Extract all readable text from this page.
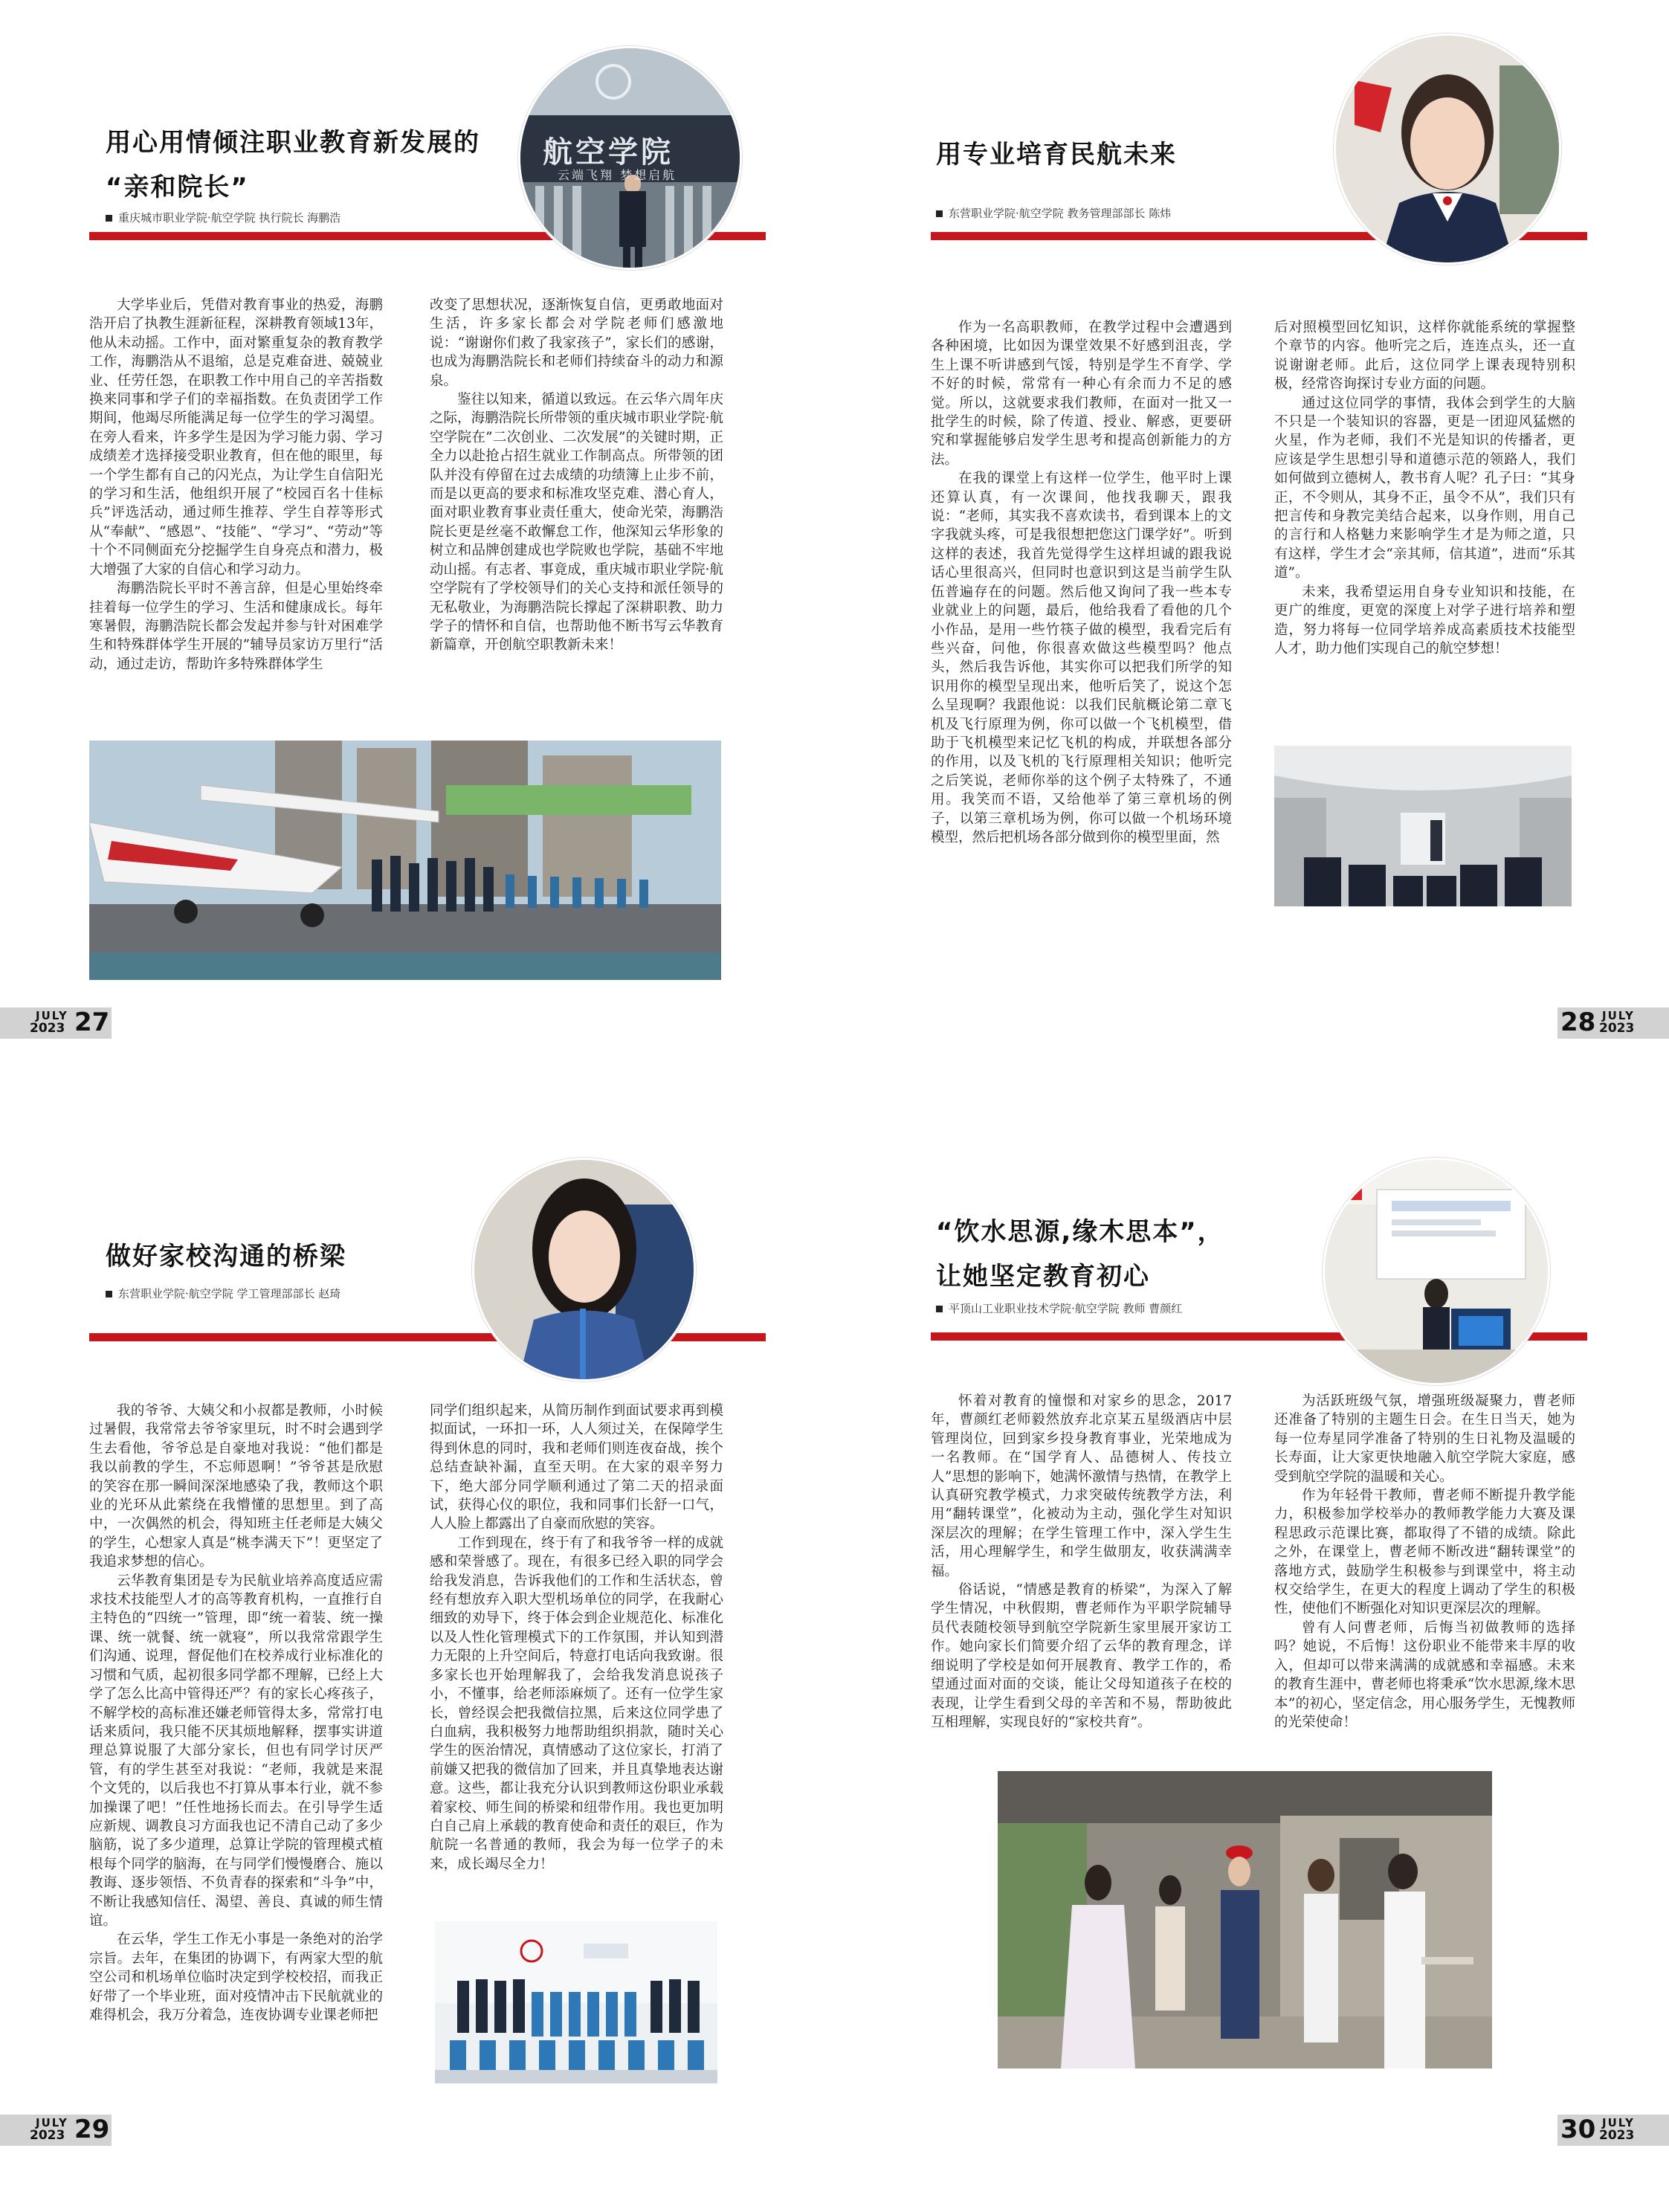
用心用情倾注职业教育新发展的
“亲和院长”
重庆城市职业学院·航空学院 执行院长 海鹏浩
航空学院
云端飞翔 梦想启航

大学毕业后，凭借对教育事业的热爱，海鹏浩开启了执教生涯新征程，深耕教育领域13年，他从未动摇。工作中，面对繁重复杂的教育教学工作，海鹏浩从不退缩，总是克难奋进、兢兢业业、任劳任怨，在职教工作中用自己的辛苦指数换来同事和学子们的幸福指数。在负责团学工作期间，他竭尽所能满足每一位学生的学习渴望。在旁人看来，许多学生是因为学习能力弱、学习成绩差才选择接受职业教育，但在他的眼里，每一个学生都有自己的闪光点，为让学生自信阳光的学习和生活，他组织开展了“校园百名十佳标兵”评选活动，通过师生推荐、学生自荐等形式从“奉献”、“感恩”、“技能”、“学习”、“劳动”等十个不同侧面充分挖掘学生自身亮点和潜力，极大增强了大家的自信心和学习动力。

海鹏浩院长平时不善言辞，但是心里始终牵挂着每一位学生的学习、生活和健康成长。每年寒暑假，海鹏浩院长都会发起并参与针对困难学生和特殊群体学生开展的”辅导员家访万里行“活动，通过走访，帮助许多特殊群体学生

改变了思想状况，逐渐恢复自信，更勇敢地面对生活，许多家长都会对学院老师们感激地说：“谢谢你们救了我家孩子”，家长们的感谢，也成为海鹏浩院长和老师们持续奋斗的动力和源泉。

鉴往以知来，循道以致远。在云华六周年庆之际，海鹏浩院长所带领的重庆城市职业学院·航空学院在”二次创业、二次发展”的关键时期，正全力以赴抢占招生就业工作制高点。所带领的团队并没有停留在过去成绩的功绩簿上止步不前，而是以更高的要求和标准攻坚克难、潜心育人，面对职业教育事业责任重大，使命光荣，海鹏浩院长更是丝毫不敢懈怠工作，他深知云华形象的树立和品牌创建成也学院败也学院，基础不牢地动山摇。有志者、事竟成，重庆城市职业学院·航空学院有了学校领导们的关心支持和派任领导的无私敬业，为海鹏浩院长撑起了深耕职教、助力学子的情怀和自信，也帮助他不断书写云华教育新篇章，开创航空职教新未来！

JULY
2023 27
用专业培育民航未来
东营职业学院·航空学院 教务管理部部长 陈炜

作为一名高职教师，在教学过程中会遭遇到各种困境，比如因为课堂效果不好感到沮丧，学生上课不听讲感到气馁，特别是学生不育学、学不好的时候，常常有一种心有余而力不足的感觉。所以，这就要求我们教师，在面对一批又一批学生的时候，除了传道、授业、解惑，更要研究和掌握能够启发学生思考和提高创新能力的方法。

在我的课堂上有这样一位学生，他平时上课还算认真，有一次课间，他找我聊天，跟我说：“老师，其实我不喜欢读书，看到课本上的文字我就头疼，可是我很想把您这门课学好”。听到这样的表述，我首先觉得学生这样坦诚的跟我说话心里很高兴，但同时也意识到这是当前学生队伍普遍存在的问题。然后他又询问了我一些本专业就业上的问题，最后，他给我看了看他的几个小作品，是用一些竹筷子做的模型，我看完后有些兴奋，问他，你很喜欢做这些模型吗？他点头，然后我告诉他，其实你可以把我们所学的知识用你的模型呈现出来，他听后笑了，说这个怎么呈现啊？我跟他说：以我们民航概论第二章飞机及飞行原理为例，你可以做一个飞机模型，借助于飞机模型来记忆飞机的构成，并联想各部分的作用，以及飞机的飞行原理相关知识；他听完之后笑说，老师你举的这个例子太特殊了，不通用。我笑而不语，又给他举了第三章机场的例子，以第三章机场为例，你可以做一个机场环境模型，然后把机场各部分做到你的模型里面，然

后对照模型回忆知识，这样你就能系统的掌握整个章节的内容。他听完之后，连连点头，还一直说谢谢老师。此后，这位同学上课表现特别积极，经常咨询探讨专业方面的问题。

通过这位同学的事情，我体会到学生的大脑不只是一个装知识的容器，更是一团迎风猛燃的火星，作为老师，我们不光是知识的传播者，更应该是学生思想引导和道德示范的领路人，我们如何做到立德树人，教书育人呢？孔子曰：“其身正，不令则从，其身不正，虽令不从”，我们只有把言传和身教完美结合起来，以身作则，用自己的言行和人格魅力来影响学生才是为师之道，只有这样，学生才会“亲其师，信其道”，进而“乐其道”。

未来，我希望运用自身专业知识和技能，在更广的维度，更宽的深度上对学子进行培养和塑造，努力将每一位同学培养成高素质技术技能型人才，助力他们实现自己的航空梦想！

28 JULY
2023
做好家校沟通的桥梁
东营职业学院·航空学院 学工管理部部长 赵琦

我的爷爷、大姨父和小叔都是教师，小时候过暑假，我常常去爷爷家里玩，时不时会遇到学生去看他，爷爷总是自豪地对我说：“他们都是我以前教的学生，不忘师恩啊！”爷爷甚是欣慰的笑容在那一瞬间深深地感染了我，教师这个职业的光环从此萦绕在我懵懂的思想里。到了高中，一次偶然的机会，得知班主任老师是大姨父的学生，心想家人真是“桃李满天下”！更坚定了我追求梦想的信心。

云华教育集团是专为民航业培养高度适应需求技术技能型人才的高等教育机构，一直推行自主特色的“四统一”管理，即“统一着装、统一操课、统一就餐、统一就寝”，所以我常常跟学生们沟通、说理，督促他们在校养成行业标准化的习惯和气质，起初很多同学都不理解，已经上大学了怎么比高中管得还严？有的家长心疼孩子，不解学校的高标准还嫌老师管得太多，常常打电话来质问，我只能不厌其烦地解释，摆事实讲道理总算说服了大部分家长，但也有同学讨厌严管，有的学生甚至对我说：“老师，我就是来混个文凭的，以后我也不打算从事本行业，就不参加操课了吧！”任性地扬长而去。在引导学生适应新规、调教良习方面我也记不清自己动了多少脑筋，说了多少道理，总算让学院的管理模式植根每个同学的脑海，在与同学们慢慢磨合、施以教诲、逐步领悟、不负青春的探索和“斗争”中，不断让我感知信任、渴望、善良、真诚的师生情谊。

在云华，学生工作无小事是一条绝对的治学宗旨。去年，在集团的协调下，有两家大型的航空公司和机场单位临时决定到学校校招，而我正好带了一个毕业班，面对疫情冲击下民航就业的难得机会，我万分着急，连夜协调专业课老师把

同学们组织起来，从简历制作到面试要求再到模拟面试，一环扣一环，人人须过关，在保障学生得到休息的同时，我和老师们则连夜奋战，挨个总结查缺补漏，直至天明。在大家的艰辛努力下，绝大部分同学顺利通过了第二天的招录面试，获得心仪的职位，我和同事们长舒一口气，人人脸上都露出了自豪而欣慰的笑容。

工作到现在，终于有了和我爷爷一样的成就感和荣誉感了。现在，有很多已经入职的同学会给我发消息，告诉我他们的工作和生活状态，曾经有想放弃入职大型机场单位的同学，在我耐心细致的劝导下，终于体会到企业规范化、标准化以及人性化管理模式下的工作氛围，并认知到潜力无限的上升空间后，特意打电话向我致谢。很多家长也开始理解我了，会给我发消息说孩子小，不懂事，给老师添麻烦了。还有一位学生家长，曾经误会把我微信拉黑，后来这位同学患了白血病，我积极努力地帮助组织捐款，随时关心学生的医治情况，真情感动了这位家长，打消了前嫌又把我的微信加了回来，并且真挚地表达谢意。这些，都让我充分认识到教师这份职业承载着家校、师生间的桥梁和纽带作用。我也更加明白自己肩上承载的教育使命和责任的艰巨，作为航院一名普通的教师，我会为每一位学子的未来，成长竭尽全力！

JULY
2023 29
“饮水思源,缘木思本”，
让她坚定教育初心
平顶山工业职业技术学院·航空学院 教师 曹颜红

怀着对教育的憧憬和对家乡的思念，2017年，曹颜红老师毅然放弃北京某五星级酒店中层管理岗位，回到家乡投身教育事业，光荣地成为一名教师。在“国学育人、品德树人、传技立人”思想的影响下，她满怀激情与热情，在教学上认真研究教学模式，力求突破传统教学方法，利用“翻转课堂”，化被动为主动，强化学生对知识深层次的理解；在学生管理工作中，深入学生生活，用心理解学生，和学生做朋友，收获满满幸福。

俗话说，“情感是教育的桥梁”，为深入了解学生情况，中秋假期，曹老师作为平职学院辅导员代表随校领导到航空学院新生家里展开家访工作。她向家长们简要介绍了云华的教育理念，详细说明了学校是如何开展教育、教学工作的，希望通过面对面的交谈，能让父母知道孩子在校的表现，让学生看到父母的辛苦和不易，帮助彼此互相理解，实现良好的“家校共育”。

为活跃班级气氛，增强班级凝聚力，曹老师还准备了特别的主题生日会。在生日当天，她为每一位寿星同学准备了特别的生日礼物及温暖的长寿面，让大家更快地融入航空学院大家庭，感受到航空学院的温暖和关心。

作为年轻骨干教师，曹老师不断提升教学能力，积极参加学校举办的教师教学能力大赛及课程思政示范课比赛，都取得了不错的成绩。除此之外，在课堂上，曹老师不断改进“翻转课堂”的落地方式，鼓励学生积极参与到课堂中，将主动权交给学生，在更大的程度上调动了学生的积极性，使他们不断强化对知识更深层次的理解。

曾有人问曹老师，后悔当初做教师的选择吗？她说，不后悔！这份职业不能带来丰厚的收入，但却可以带来满满的成就感和幸福感。未来的教育生涯中，曹老师也将秉承“饮水思源,缘木思本”的初心，坚定信念，用心服务学生，无愧教师的光荣使命！

30 JULY
2023
